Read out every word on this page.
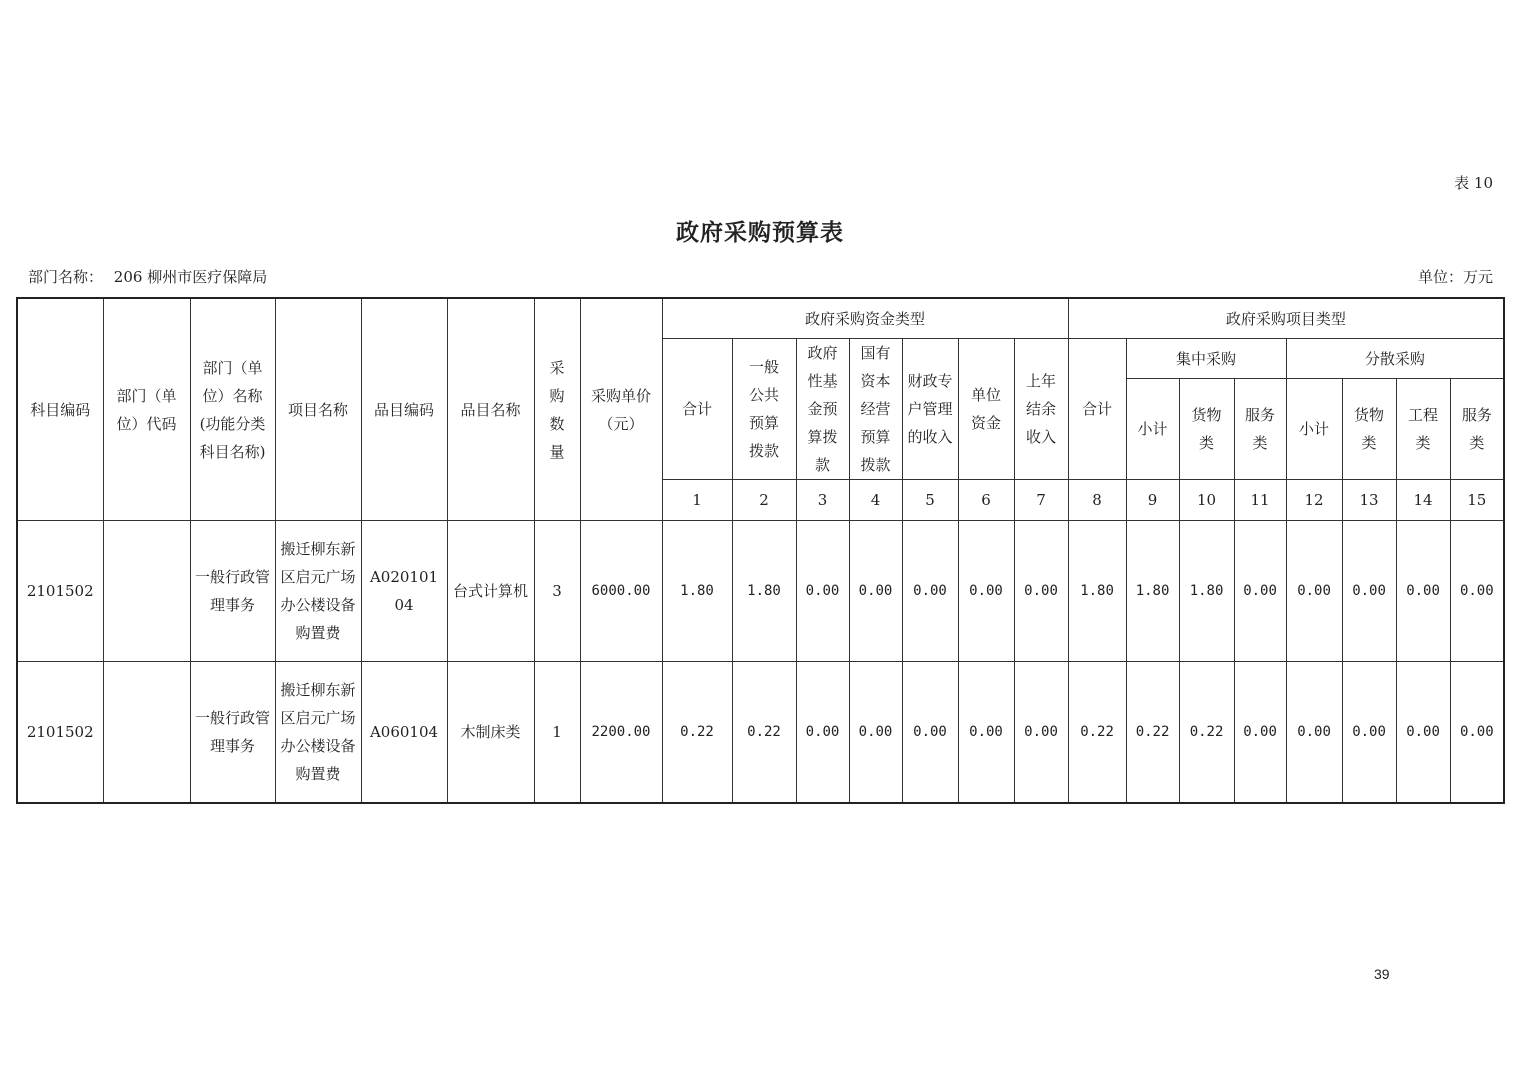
表 10
政府采购预算表
部门名称： 206 柳州市医疗保障局	单位：万元
科目编码	部门（单位）代码	部门（单位）名称(功能分类科目名称)	项目名称	品目编码	品目名称	采购数量	采购单价（元）	政府采购资金类型							政府采购项目类型							
								合计	一般公共预算拨款	政府性基金预算拨款	国有资本经营预算拨款	财政专户管理的收入	单位资金	上年结余收入	合计	集中采购			分散采购			
																小计	货物类	服务类	小计	货物类	工程类	服务类
								1	2	3	4	5	6	7	8	9	10	11	12	13	14	15
2101502		一般行政管理事务	搬迁柳东新区启元广场办公楼设备购置费	A02010104	台式计算机	3	6000.00	1.80	1.80	0.00	0.00	0.00	0.00	0.00	1.80	1.80	1.80	0.00	0.00	0.00	0.00	0.00
2101502		一般行政管理事务	搬迁柳东新区启元广场办公楼设备购置费	A060104	木制床类	1	2200.00	0.22	0.22	0.00	0.00	0.00	0.00	0.00	0.22	0.22	0.22	0.00	0.00	0.00	0.00	0.00
39
